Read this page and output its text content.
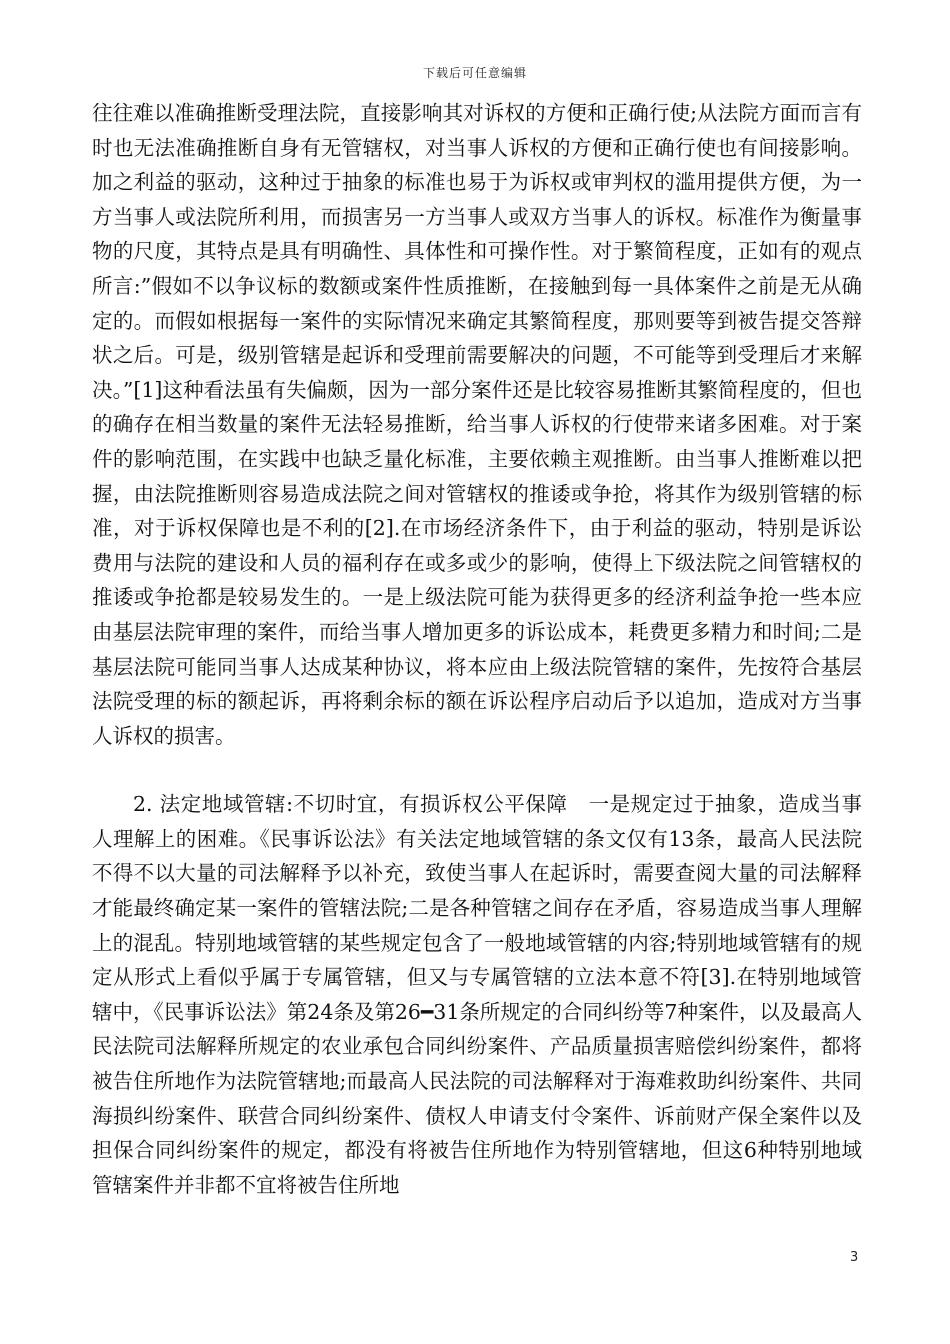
下载后可任意编辑

往往难以准确推断受理法院，直接影响其对诉权的方便和正确行使;从法院方面而言有时也无法准确推断自身有无管辖权，对当事人诉权的方便和正确行使也有间接影响。加之利益的驱动，这种过于抽象的标准也易于为诉权或审判权的滥用提供方便，为一方当事人或法院所利用，而损害另一方当事人或双方当事人的诉权。标准作为衡量事物的尺度，其特点是具有明确性、具体性和可操作性。对于繁简程度，正如有的观点所言:”假如不以争议标的数额或案件性质推断，在接触到每一具体案件之前是无从确定的。而假如根据每一案件的实际情况来确定其繁简程度，那则要等到被告提交答辩状之后。可是，级别管辖是起诉和受理前需要解决的问题，不可能等到受理后才来解决。”[1]这种看法虽有失偏颇，因为一部分案件还是比较容易推断其繁简程度的，但也的确存在相当数量的案件无法轻易推断，给当事人诉权的行使带来诸多困难。对于案件的影响范围，在实践中也缺乏量化标准，主要依赖主观推断。由当事人推断难以把握，由法院推断则容易造成法院之间对管辖权的推诿或争抢，将其作为级别管辖的标准，对于诉权保障也是不利的[2].在市场经济条件下，由于利益的驱动，特别是诉讼费用与法院的建设和人员的福利存在或多或少的影响，使得上下级法院之间管辖权的推诿或争抢都是较易发生的。一是上级法院可能为获得更多的经济利益争抢一些本应由基层法院审理的案件，而给当事人增加更多的诉讼成本，耗费更多精力和时间;二是基层法院可能同当事人达成某种协议，将本应由上级法院管辖的案件，先按符合基层法院受理的标的额起诉，再将剩余标的额在诉讼程序启动后予以追加，造成对方当事人诉权的损害。

2. 法定地域管辖:不切时宜，有损诉权公平保障　一是规定过于抽象，造成当事人理解上的困难。《民事诉讼法》有关法定地域管辖的条文仅有13条，最高人民法院不得不以大量的司法解释予以补充，致使当事人在起诉时，需要查阅大量的司法解释才能最终确定某一案件的管辖法院;二是各种管辖之间存在矛盾，容易造成当事人理解上的混乱。特别地域管辖的某些规定包含了一般地域管辖的内容;特别地域管辖有的规定从形式上看似乎属于专属管辖，但又与专属管辖的立法本意不符[3].在特别地域管辖中，《民事诉讼法》第24条及第26━31条所规定的合同纠纷等7种案件，以及最高人民法院司法解释所规定的农业承包合同纠纷案件、产品质量损害赔偿纠纷案件，都将被告住所地作为法院管辖地;而最高人民法院的司法解释对于海难救助纠纷案件、共同海损纠纷案件、联营合同纠纷案件、债权人申请支付令案件、诉前财产保全案件以及担保合同纠纷案件的规定，都没有将被告住所地作为特别管辖地，但这6种特别地域管辖案件并非都不宜将被告住所地

3
